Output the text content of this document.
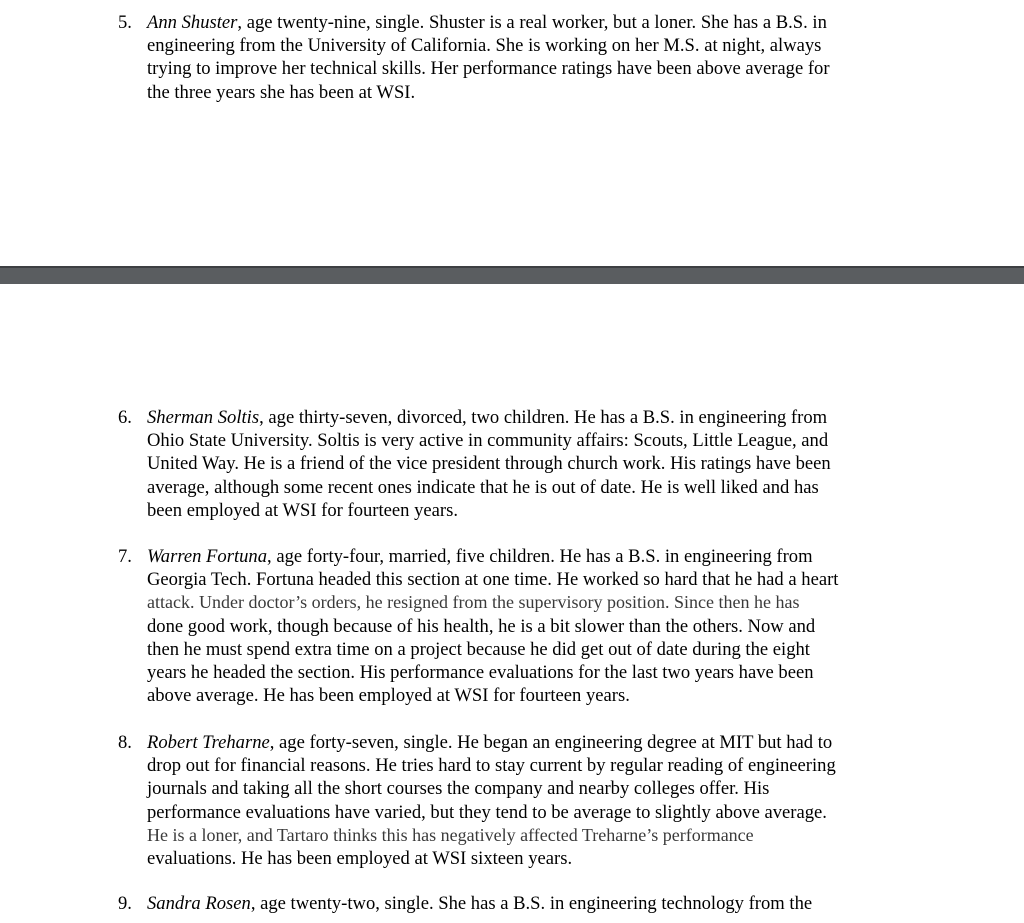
5. Ann Shuster, age twenty-nine, single. Shuster is a real worker, but a loner. She has a B.S. in
engineering from the University of California. She is working on her M.S. at night, always
trying to improve her technical skills. Her performance ratings have been above average for
the three years she has been at WSI.
6. Sherman Soltis, age thirty-seven, divorced, two children. He has a B.S. in engineering from
Ohio State University. Soltis is very active in community affairs: Scouts, Little League, and
United Way. He is a friend of the vice president through church work. His ratings have been
average, although some recent ones indicate that he is out of date. He is well liked and has
been employed at WSI for fourteen years.
7. Warren Fortuna, age forty-four, married, five children. He has a B.S. in engineering from
Georgia Tech. Fortuna headed this section at one time. He worked so hard that he had a heart
attack. Under doctor’s orders, he resigned from the supervisory position. Since then he has
done good work, though because of his health, he is a bit slower than the others. Now and
then he must spend extra time on a project because he did get out of date during the eight
years he headed the section. His performance evaluations for the last two years have been
above average. He has been employed at WSI for fourteen years.
8. Robert Treharne, age forty-seven, single. He began an engineering degree at MIT but had to
drop out for financial reasons. He tries hard to stay current by regular reading of engineering
journals and taking all the short courses the company and nearby colleges offer. His
performance evaluations have varied, but they tend to be average to slightly above average.
He is a loner, and Tartaro thinks this has negatively affected Treharne’s performance
evaluations. He has been employed at WSI sixteen years.
9. Sandra Rosen, age twenty-two, single. She has a B.S. in engineering technology from the
